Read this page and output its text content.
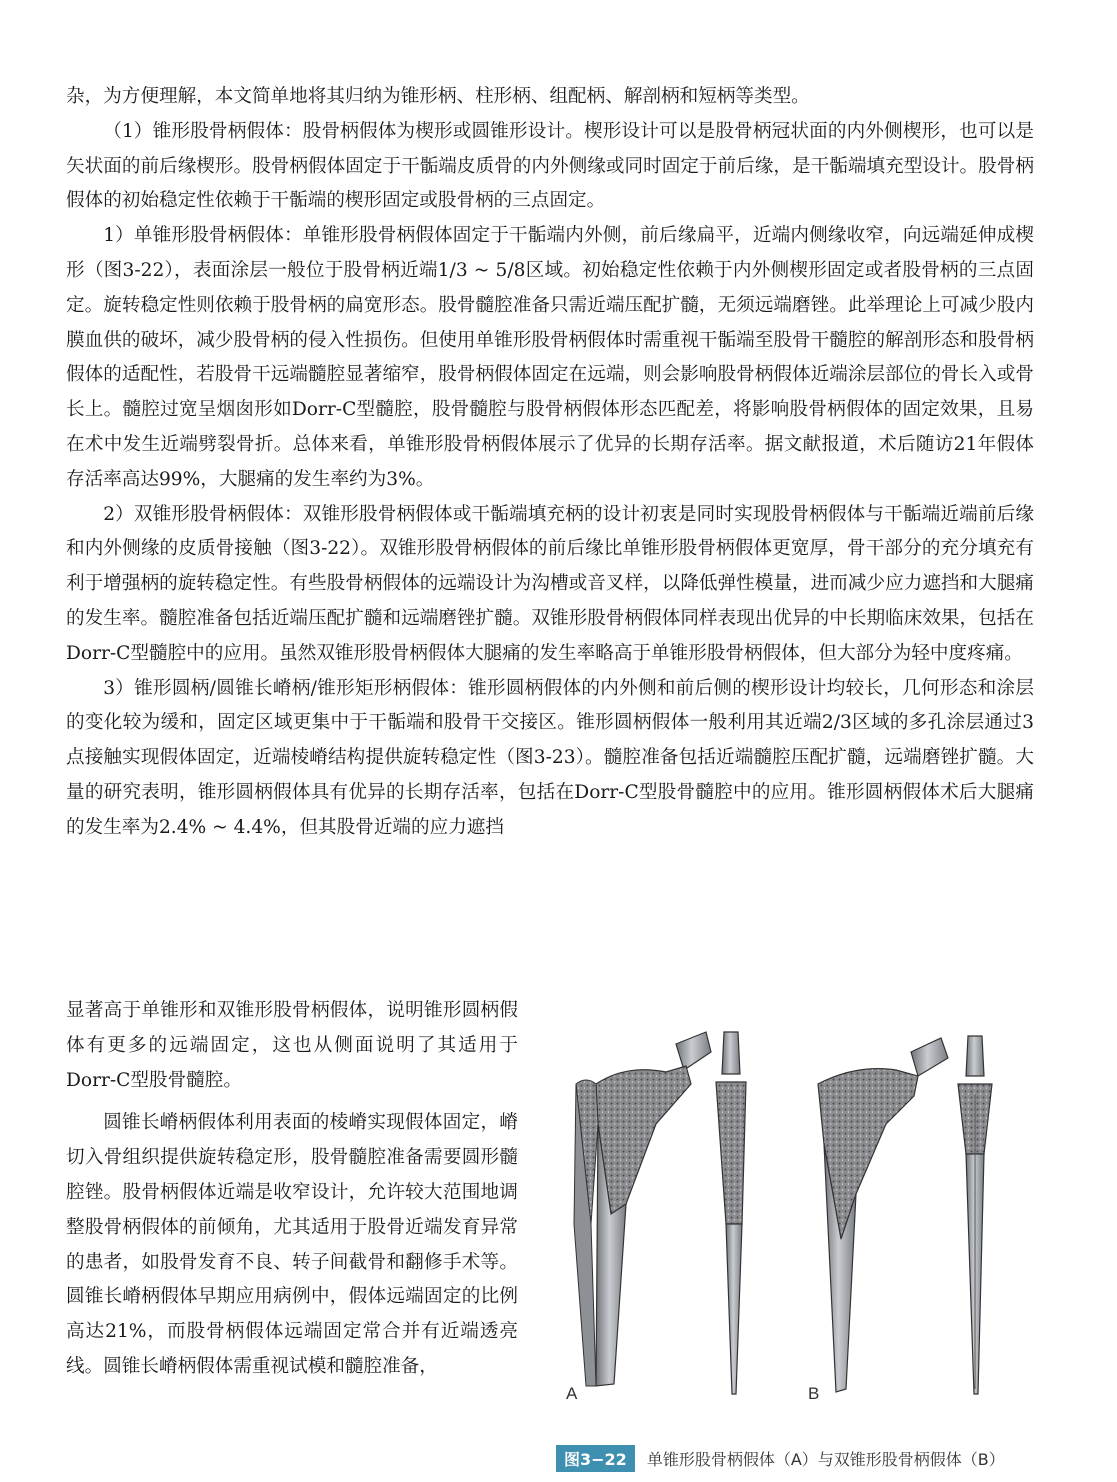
杂，为方便理解，本文简单地将其归纳为锥形柄、柱形柄、组配柄、解剖柄和短柄等类型。

（1）锥形股骨柄假体：股骨柄假体为楔形或圆锥形设计。楔形设计可以是股骨柄冠状面的内外侧楔形，也可以是矢状面的前后缘楔形。股骨柄假体固定于干骺端皮质骨的内外侧缘或同时固定于前后缘，是干骺端填充型设计。股骨柄假体的初始稳定性依赖于干骺端的楔形固定或股骨柄的三点固定。

1）单锥形股骨柄假体：单锥形股骨柄假体固定于干骺端内外侧，前后缘扁平，近端内侧缘收窄，向远端延伸成楔形（图3-22），表面涂层一般位于股骨柄近端1/3 ~ 5/8区域。初始稳定性依赖于内外侧楔形固定或者股骨柄的三点固定。旋转稳定性则依赖于股骨柄的扁宽形态。股骨髓腔准备只需近端压配扩髓，无须远端磨锉。此举理论上可减少股内膜血供的破坏，减少股骨柄的侵入性损伤。但使用单锥形股骨柄假体时需重视干骺端至股骨干髓腔的解剖形态和股骨柄假体的适配性，若股骨干远端髓腔显著缩窄，股骨柄假体固定在远端，则会影响股骨柄假体近端涂层部位的骨长入或骨长上。髓腔过宽呈烟囱形如Dorr-C型髓腔，股骨髓腔与股骨柄假体形态匹配差，将影响股骨柄假体的固定效果，且易在术中发生近端劈裂骨折。总体来看，单锥形股骨柄假体展示了优异的长期存活率。据文献报道，术后随访21年假体存活率高达99%，大腿痛的发生率约为3%。

2）双锥形股骨柄假体：双锥形股骨柄假体或干骺端填充柄的设计初衷是同时实现股骨柄假体与干骺端近端前后缘和内外侧缘的皮质骨接触（图3-22）。双锥形股骨柄假体的前后缘比单锥形股骨柄假体更宽厚，骨干部分的充分填充有利于增强柄的旋转稳定性。有些股骨柄假体的远端设计为沟槽或音叉样，以降低弹性模量，进而减少应力遮挡和大腿痛的发生率。髓腔准备包括近端压配扩髓和远端磨锉扩髓。双锥形股骨柄假体同样表现出优异的中长期临床效果，包括在Dorr-C型髓腔中的应用。虽然双锥形股骨柄假体大腿痛的发生率略高于单锥形股骨柄假体，但大部分为轻中度疼痛。

3）锥形圆柄/圆锥长嵴柄/锥形矩形柄假体：锥形圆柄假体的内外侧和前后侧的楔形设计均较长，几何形态和涂层的变化较为缓和，固定区域更集中于干骺端和股骨干交接区。锥形圆柄假体一般利用其近端2/3区域的多孔涂层通过3点接触实现假体固定，近端棱嵴结构提供旋转稳定性（图3-23）。髓腔准备包括近端髓腔压配扩髓，远端磨锉扩髓。大量的研究表明，锥形圆柄假体具有优异的长期存活率，包括在Dorr-C型股骨髓腔中的应用。锥形圆柄假体术后大腿痛的发生率为2.4% ~ 4.4%，但其股骨近端的应力遮挡

显著高于单锥形和双锥形股骨柄假体，说明锥形圆柄假体有更多的远端固定，这也从侧面说明了其适用于Dorr-C型股骨髓腔。

圆锥长嵴柄假体利用表面的棱嵴实现假体固定，嵴切入骨组织提供旋转稳定形，股骨髓腔准备需要圆形髓腔锉。股骨柄假体近端是收窄设计，允许较大范围地调整股骨柄假体的前倾角，尤其适用于股骨近端发育异常的患者，如股骨发育不良、转子间截骨和翻修手术等。圆锥长嵴柄假体早期应用病例中，假体远端固定的比例高达21%，而股骨柄假体远端固定常合并有近端透亮线。圆锥长嵴柄假体需重视试模和髓腔准备，

A	B
图3−22	单锥形股骨柄假体（A）与双锥形股骨柄假体（B）
